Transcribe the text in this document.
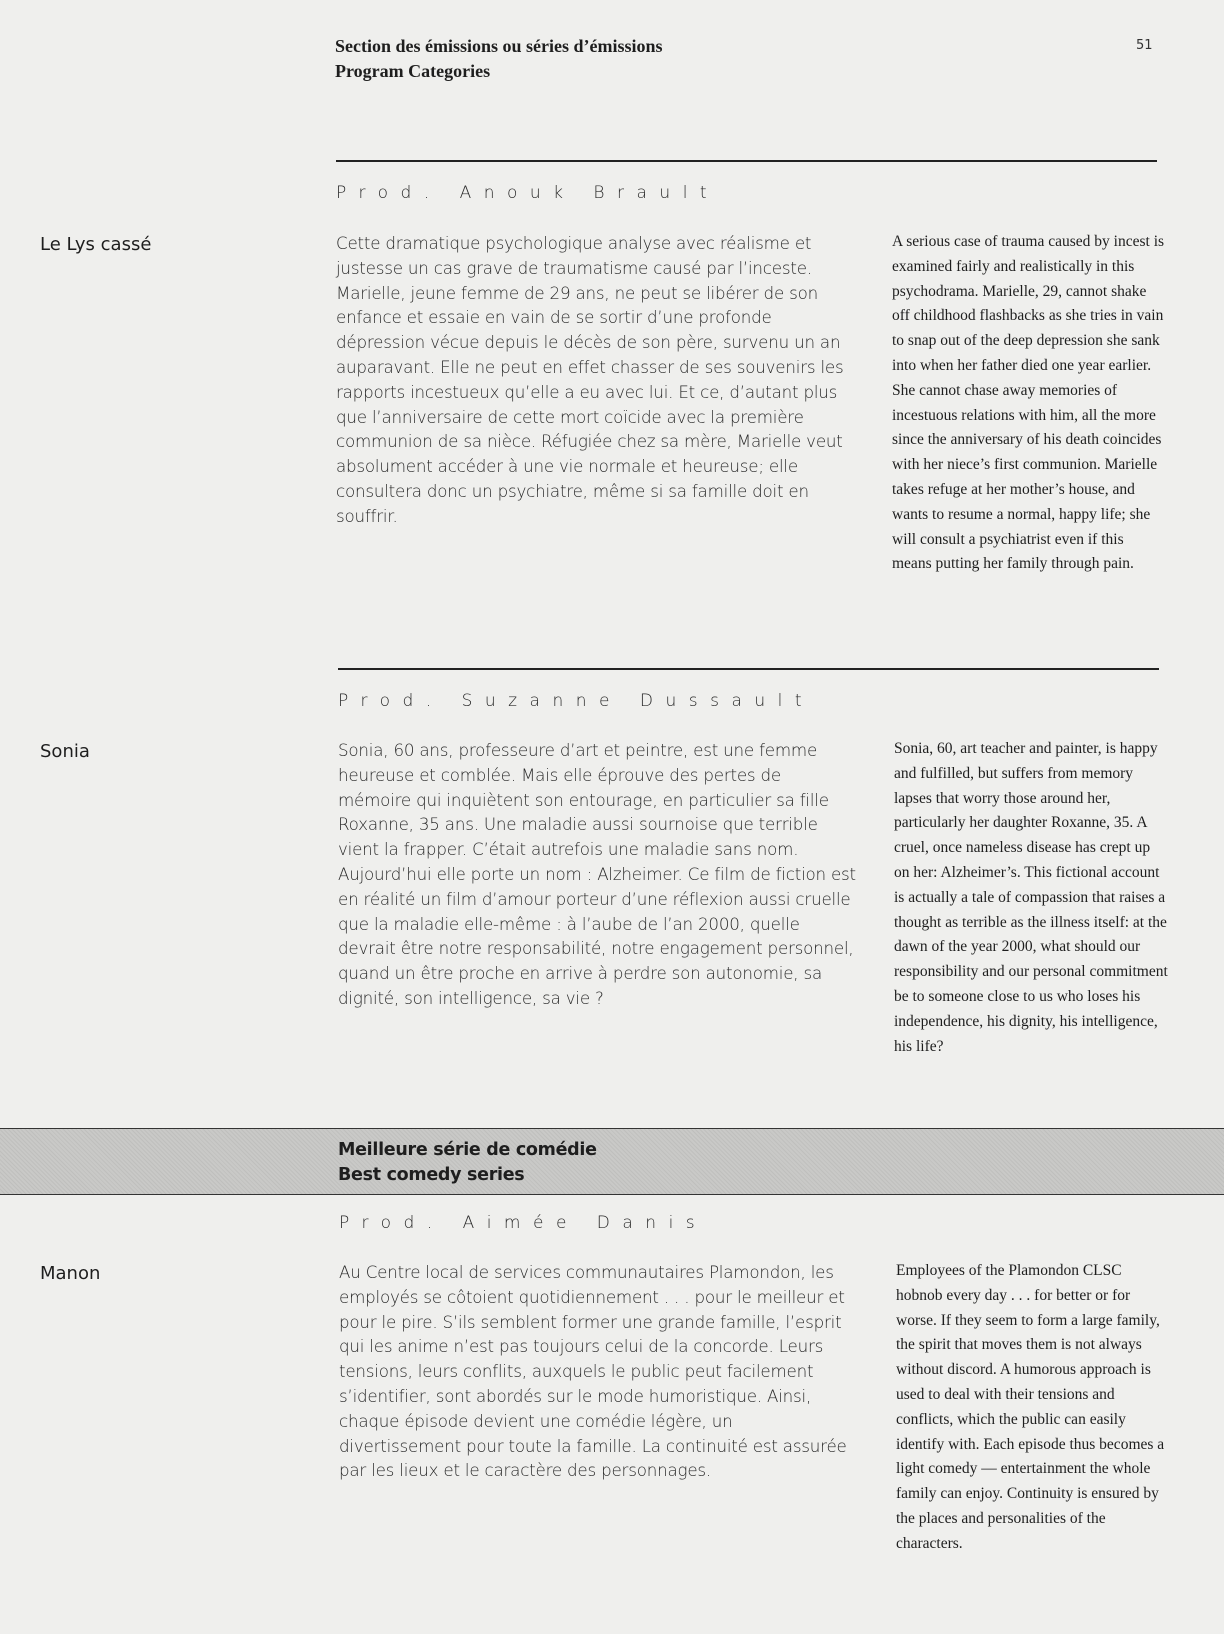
Section des émissions ou séries d’émissions
Program Categories
51
Prod. Anouk Brault
Le Lys cassé	Cette dramatique psychologique analyse avec réalisme et justesse un cas grave de traumatisme causé par l’inceste. Marielle, jeune femme de 29 ans, ne peut se libérer de son enfance et essaie en vain de se sortir d’une profonde dépression vécue depuis le décès de son père, survenu un an auparavant. Elle ne peut en effet chasser de ses souvenirs les rapports incestueux qu’elle a eu avec lui. Et ce, d’autant plus que l’anniversaire de cette mort coïcide avec la première communion de sa nièce. Réfugiée chez sa mère, Marielle veut absolument accéder à une vie normale et heureuse; elle consultera donc un psychiatre, même si sa famille doit en souffrir.

A serious case of trauma caused by incest is examined fairly and realistically in this psychodrama. Marielle, 29, cannot shake off childhood flashbacks as she tries in vain to snap out of the deep depression she sank into when her father died one year earlier. She cannot chase away memories of incestuous relations with him, all the more since the anniversary of his death coincides with her niece’s first communion. Marielle takes refuge at her mother’s house, and wants to resume a normal, happy life; she will consult a psychiatrist even if this means putting her family through pain.

Prod. Suzanne Dussault
Sonia	Sonia, 60 ans, professeure d’art et peintre, est une femme heureuse et comblée. Mais elle éprouve des pertes de mémoire qui inquiètent son entourage, en particulier sa fille Roxanne, 35 ans. Une maladie aussi sournoise que terrible vient la frapper. C’était autrefois une maladie sans nom. Aujourd’hui elle porte un nom : Alzheimer. Ce film de fiction est en réalité un film d’amour porteur d’une réflexion aussi cruelle que la maladie elle-même : à l’aube de l’an 2000, quelle devrait être notre responsabilité, notre engagement personnel, quand un être proche en arrive à perdre son autonomie, sa dignité, son intelligence, sa vie ?

Sonia, 60, art teacher and painter, is happy and fulfilled, but suffers from memory lapses that worry those around her, particularly her daughter Roxanne, 35. A cruel, once nameless disease has crept up on her: Alzheimer’s. This fictional account is actually a tale of compassion that raises a thought as terrible as the illness itself: at the dawn of the year 2000, what should our responsibility and our personal commitment be to someone close to us who loses his independence, his dignity, his intelligence, his life?

Meilleure série de comédie
Best comedy series
Prod. Aimée Danis
Manon	Au Centre local de services communautaires Plamondon, les employés se côtoient quotidiennement . . . pour le meilleur et pour le pire. S’ils semblent former une grande famille, l’esprit qui les anime n’est pas toujours celui de la concorde. Leurs tensions, leurs conflits, auxquels le public peut facilement s’identifier, sont abordés sur le mode humoristique. Ainsi, chaque épisode devient une comédie légère, un divertissement pour toute la famille. La continuité est assurée par les lieux et le caractère des personnages.

Employees of the Plamondon CLSC hobnob every day . . . for better or for worse. If they seem to form a large family, the spirit that moves them is not always without discord. A humorous approach is used to deal with their tensions and conflicts, which the public can easily identify with. Each episode thus becomes a light comedy — entertainment the whole family can enjoy. Continuity is ensured by the places and personalities of the characters.
